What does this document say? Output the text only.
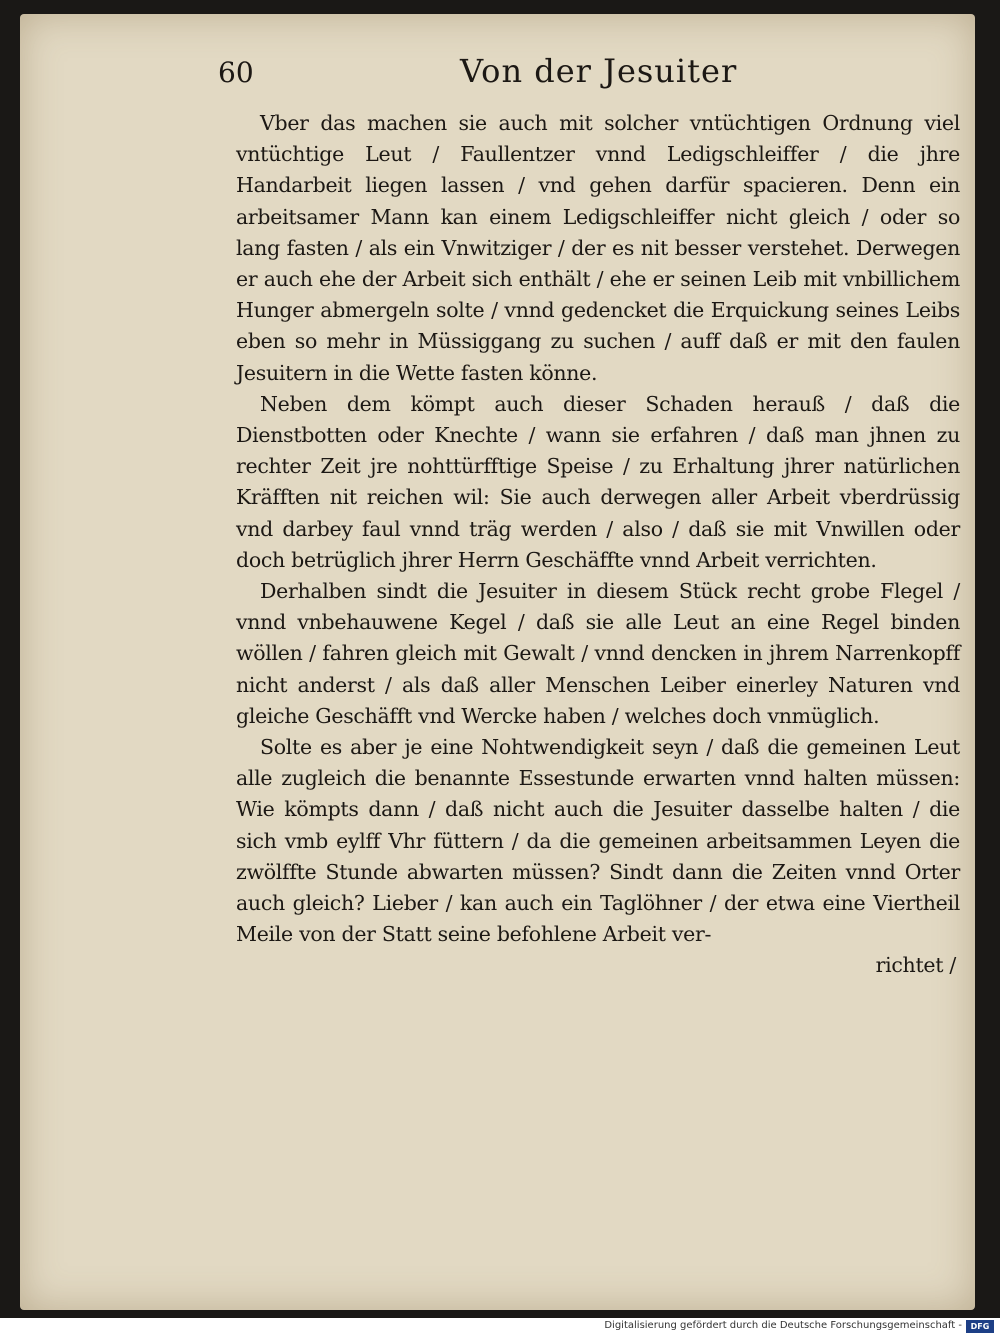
60	Von der Jesuiter

Vber das machen sie auch mit solcher vntüchtigen Ordnung viel vntüchtige Leut / Faullentzer vnnd Ledigschleiffer / die jhre Handarbeit liegen lassen / vnd gehen darfür spacieren. Denn ein arbeitsamer Mann kan einem Ledigschleiffer nicht gleich / oder so lang fasten / als ein Vnwitziger / der es nit besser verstehet. Derwegen er auch ehe der Arbeit sich enthält / ehe er seinen Leib mit vnbillichem Hunger abmergeln solte / vnnd gedencket die Erquickung seines Leibs eben so mehr in Müssiggang zu suchen / auff daß er mit den faulen Jesuitern in die Wette fasten könne.

Neben dem kömpt auch dieser Schaden herauß / daß die Dienstbotten oder Knechte / wann sie erfahren / daß man jhnen zu rechter Zeit jre nohttürfftige Speise / zu Erhaltung jhrer natürlichen Kräfften nit reichen wil: Sie auch derwegen aller Arbeit vberdrüssig vnd darbey faul vnnd träg werden / also / daß sie mit Vnwillen oder doch betrüglich jhrer Herrn Geschäffte vnnd Arbeit verrichten.

Derhalben sindt die Jesuiter in diesem Stück recht grobe Flegel / vnnd vnbehauwene Kegel / daß sie alle Leut an eine Regel binden wöllen / fahren gleich mit Gewalt / vnnd dencken in jhrem Narrenkopff nicht anderst / als daß aller Menschen Leiber einerley Naturen vnd gleiche Geschäfft vnd Wercke haben / welches doch vnmüglich.

Solte es aber je eine Nohtwendigkeit seyn / daß die gemeinen Leut alle zugleich die benannte Essestunde erwarten vnnd halten müssen: Wie kömpts dann / daß nicht auch die Jesuiter dasselbe halten / die sich vmb eylff Vhr füttern / da die gemeinen arbeitsammen Leyen die zwölffte Stunde abwarten müssen? Sindt dann die Zeiten vnnd Orter auch gleich? Lieber / kan auch ein Taglöhner / der etwa eine Viertheil Meile von der Statt seine befohlene Arbeit ver-

richtet /
Digitalisierung gefördert durch die Deutsche Forschungsgemeinschaft -	DFG
